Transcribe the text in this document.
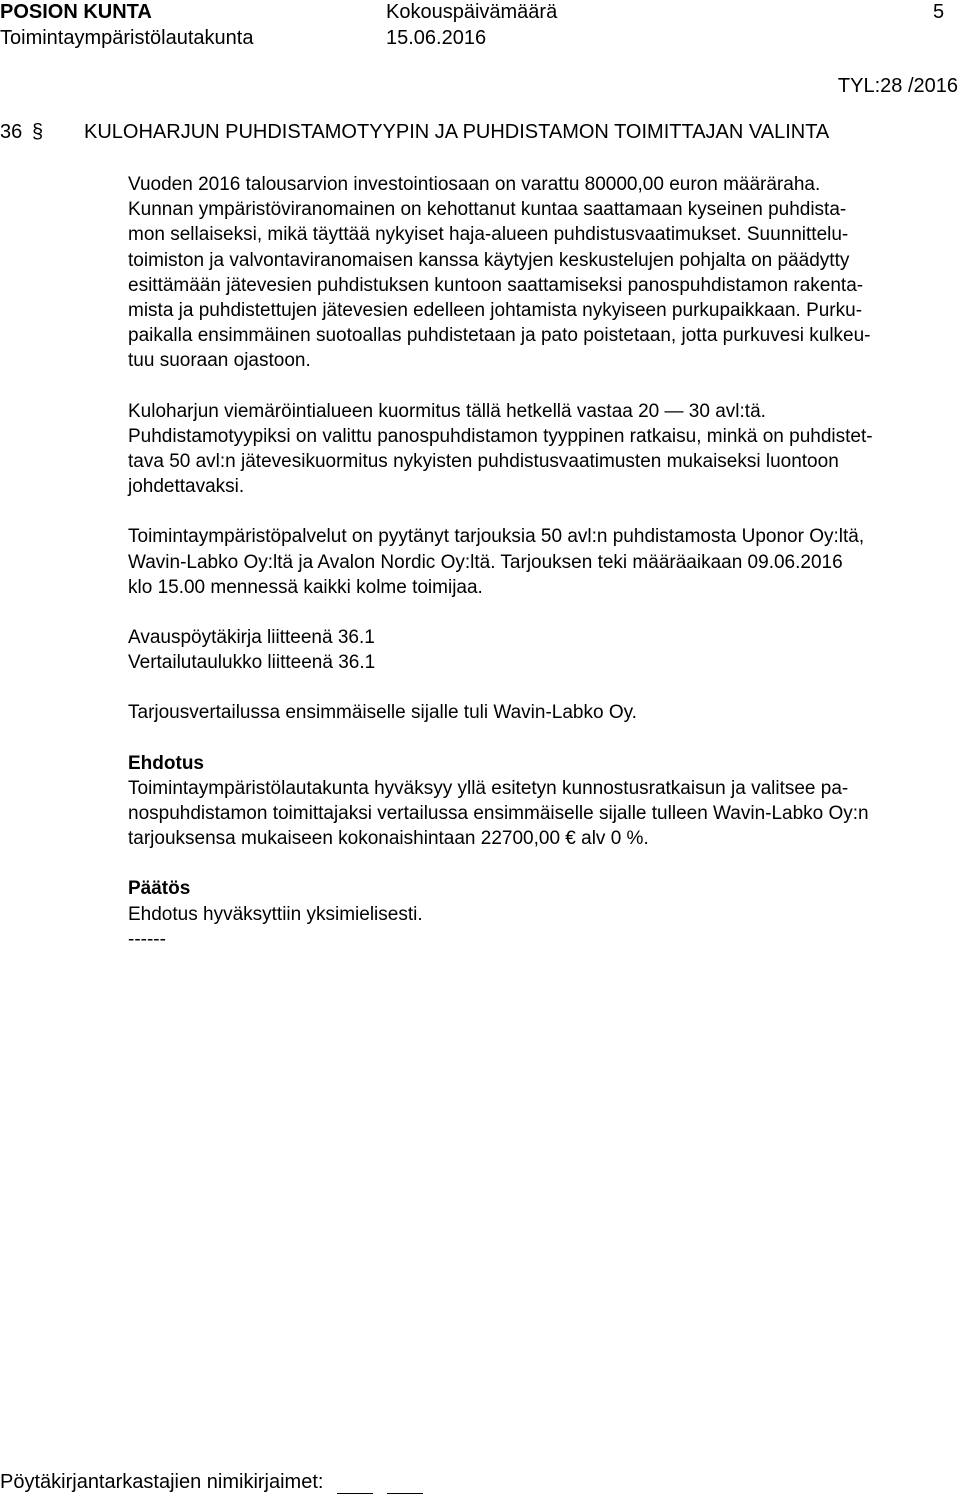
POSION KUNTA
Toimintaympäristölautakunta
Kokouspäivämäärä
15.06.2016
5
TYL:28 /2016
36 § KULOHARJUN PUHDISTAMOTYYPIN JA PUHDISTAMON TOIMITTAJAN VALINTA

Vuoden 2016 talousarvion investointiosaan on varattu 80000,00 euron määräraha.

Kunnan ympäristöviranomainen on kehottanut kuntaa saattamaan kyseinen puhdista-

mon sellaiseksi, mikä täyttää nykyiset haja-alueen puhdistusvaatimukset. Suunnittelu-

toimiston ja valvontaviranomaisen kanssa käytyjen keskustelujen pohjalta on päädytty

esittämään jätevesien puhdistuksen kuntoon saattamiseksi panospuhdistamon rakenta-

mista ja puhdistettujen jätevesien edelleen johtamista nykyiseen purkupaikkaan. Purku-

paikalla ensimmäinen suotoallas puhdistetaan ja pato poistetaan, jotta purkuvesi kulkeu-

tuu suoraan ojastoon.

Kuloharjun viemäröintialueen kuormitus tällä hetkellä vastaa 20 — 30 avl:tä.

Puhdistamotyypiksi on valittu panospuhdistamon tyyppinen ratkaisu, minkä on puhdistet-

tava 50 avl:n jätevesikuormitus nykyisten puhdistusvaatimusten mukaiseksi luontoon

johdettavaksi.

Toimintaympäristöpalvelut on pyytänyt tarjouksia 50 avl:n puhdistamosta Uponor Oy:ltä,

Wavin-Labko Oy:ltä ja Avalon Nordic Oy:ltä. Tarjouksen teki määräaikaan 09.06.2016

klo 15.00 mennessä kaikki kolme toimijaa.

Avauspöytäkirja liitteenä 36.1

Vertailutaulukko liitteenä 36.1

Tarjousvertailussa ensimmäiselle sijalle tuli Wavin-Labko Oy.

Ehdotus

Toimintaympäristölautakunta hyväksyy yllä esitetyn kunnostusratkaisun ja valitsee pa-

nospuhdistamon toimittajaksi vertailussa ensimmäiselle sijalle tulleen Wavin-Labko Oy:n

tarjouksensa mukaiseen kokonaishintaan 22700,00 € alv 0 %.

Päätös

Ehdotus hyväksyttiin yksimielisesti.

------

Pöytäkirjantarkastajien nimikirjaimet:
